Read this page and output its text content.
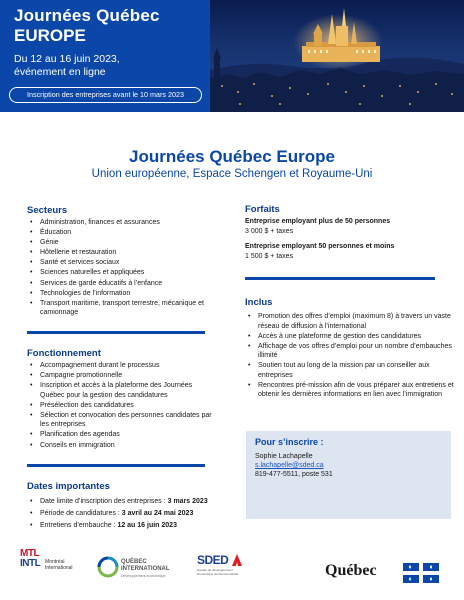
Journées Québec
EUROPE
Du 12 au 16 juin 2023,
événement en ligne
Inscription des entreprises avant le 10 mars 2023
Journées Québec Europe
Union européenne, Espace Schengen et Royaume-Uni
Secteurs
• Administration, finances et assurances
• Éducation
• Génie
• Hôtellerie et restauration
• Santé et services sociaux
• Sciences naturelles et appliquées
• Services de garde éducatifs à l’enfance
• Technologies de l’information
• Transport maritime, transport terrestre, mécanique et camionnage
Fonctionnement
• Accompagnement durant le processus
• Campagne promotionnelle
• Inscription et accès à la plateforme des Journées Québec pour la gestion des candidatures
• Présélection des candidatures
• Sélection et convocation des personnes candidates par les entreprises
• Planification des agendas
• Conseils en immigration
Dates importantes
• Date limite d’inscription des entreprises : 3 mars 2023
• Période de candidatures : 3 avril au 24 mai 2023
• Entretiens d’embauche : 12 au 16 juin 2023
Forfaits
Entreprise employant plus de 50 personnes
3 000 $ + taxes
Entreprise employant 50 personnes et moins
1 500 $ + taxes
Inclus
• Promotion des offres d’emploi (maximum 8) à travers un vaste réseau de diffusion à l’international
• Accès à une plateforme de gestion des candidatures
• Affichage de vos offres d’emploi pour un nombre d’embauches illimité
• Soutien tout au long de la mission par un conseiller aux entreprises
• Rencontres pré-mission afin de vous préparer aux entretiens et obtenir les dernières informations en lien avec l’immigration
Pour s’inscrire :
Sophie Lachapelle
s.lachapelle@sded.ca
819-477-5511, poste 531
MTL
INTL Montréal
International
QUÉBEC
INTERNATIONAL
Développement économique
SDED
Société de développement économique de Drummondville	Québec
